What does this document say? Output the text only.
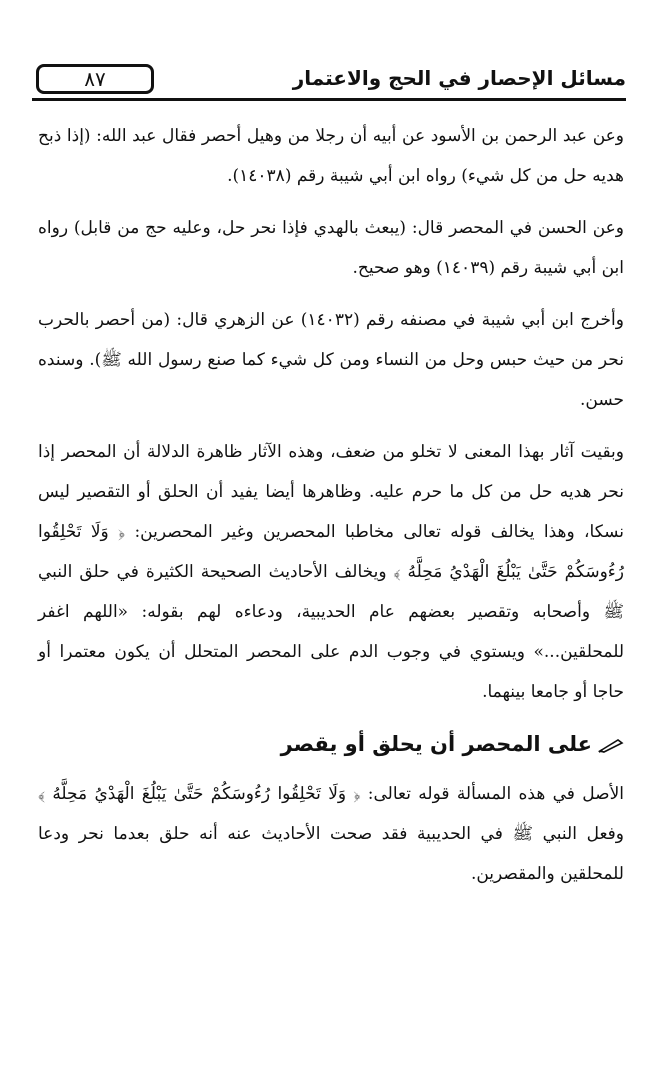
٨٧	مسائل الإحصار في الحج والاعتمار

وعن عبد الرحمن بن الأسود عن أبيه أن رجلا من وهيل أحصر فقال عبد الله: (إذا ذبح هديه حل من كل شيء) رواه ابن أبي شيبة رقم (١٤٠٣٨).

وعن الحسن في المحصر قال: (يبعث بالهدي فإذا نحر حل، وعليه حج من قابل) رواه ابن أبي شيبة رقم (١٤٠٣٩) وهو صحيح.

وأخرج ابن أبي شيبة في مصنفه رقم (١٤٠٣٢) عن الزهري قال: (من أحصر بالحرب نحر من حيث حبس وحل من النساء ومن كل شيء كما صنع رسول الله ﷺ). وسنده حسن.

وبقيت آثار بهذا المعنى لا تخلو من ضعف، وهذه الآثار ظاهرة الدلالة أن المحصر إذا نحر هديه حل من كل ما حرم عليه. وظاهرها أيضا يفيد أن الحلق أو التقصير ليس نسكا، وهذا يخالف قوله تعالى مخاطبا المحصرين وغير المحصرين: ﴿ وَلَا تَحْلِقُوا رُءُوسَكُمْ حَتَّىٰ يَبْلُغَ الْهَدْيُ مَحِلَّهُ ﴾ ويخالف الأحاديث الصحيحة الكثيرة في حلق النبي ﷺ وأصحابه وتقصير بعضهم عام الحديبية، ودعاءه لهم بقوله: «اللهم اغفر للمحلقين...» ويستوي في وجوب الدم على المحصر المتحلل أن يكون معتمرا أو حاجا أو جامعا بينهما.

على المحصر أن يحلق أو يقصر

الأصل في هذه المسألة قوله تعالى: ﴿ وَلَا تَحْلِقُوا رُءُوسَكُمْ حَتَّىٰ يَبْلُغَ الْهَدْيُ مَحِلَّهُ ﴾ وفعل النبي ﷺ في الحديبية فقد صحت الأحاديث عنه أنه حلق بعدما نحر ودعا للمحلقين والمقصرين.
